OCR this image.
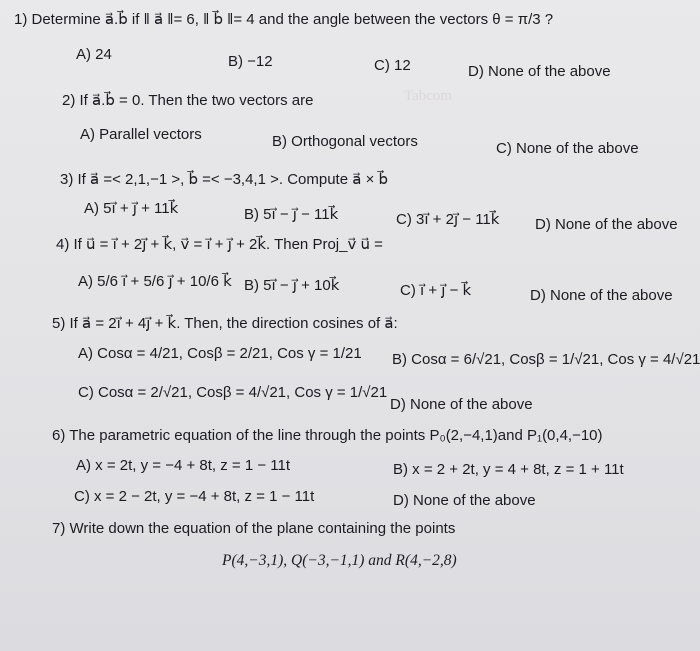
Tabcom
1) Determine a⃗.b⃗ if ‖ a⃗ ‖= 6, ‖ b⃗ ‖= 4 and the angle between the vectors θ = π/3 ?
A) 24	B) −12	C) 12	D) None of the above
2) If a⃗.b⃗ = 0. Then the two vectors are
A) Parallel vectors	B) Orthogonal vectors	C) None of the above
3) If a⃗ =< 2,1,−1 >, b⃗ =< −3,4,1 >. Compute a⃗ × b⃗
A) 5i⃗ + j⃗ + 11k⃗	B) 5i⃗ − j⃗ − 11k⃗	C) 3i⃗ + 2j⃗ − 11k⃗ D) None of the above
4) If u⃗ = i⃗ + 2j⃗ + k⃗, v⃗ = i⃗ + j⃗ + 2k⃗. Then Proj_v⃗ u⃗ =
A) 5/6 i⃗ + 5/6 j⃗ + 10/6 k⃗ B) 5i⃗ − j⃗ + 10k⃗	C) i⃗ + j⃗ − k⃗	D) None of the above
5) If a⃗ = 2i⃗ + 4j⃗ + k⃗. Then, the direction cosines of a⃗:
A) Cosα = 4/21, Cosβ = 2/21, Cos γ = 1/21 B) Cosα = 6/√21, Cosβ = 1/√21, Cos γ = 4/√21
C) Cosα = 2/√21, Cosβ = 4/√21, Cos γ = 1/√21
D) None of the above
6) The parametric equation of the line through the points P₀(2,−4,1)and P₁(0,4,−10)
A) x = 2t, y = −4 + 8t, z = 1 − 11t	B) x = 2 + 2t, y = 4 + 8t, z = 1 + 11t
C) x = 2 − 2t, y = −4 + 8t, z = 1 − 11t	D) None of the above
7) Write down the equation of the plane containing the points
P(4,−3,1), Q(−3,−1,1) and R(4,−2,8)
